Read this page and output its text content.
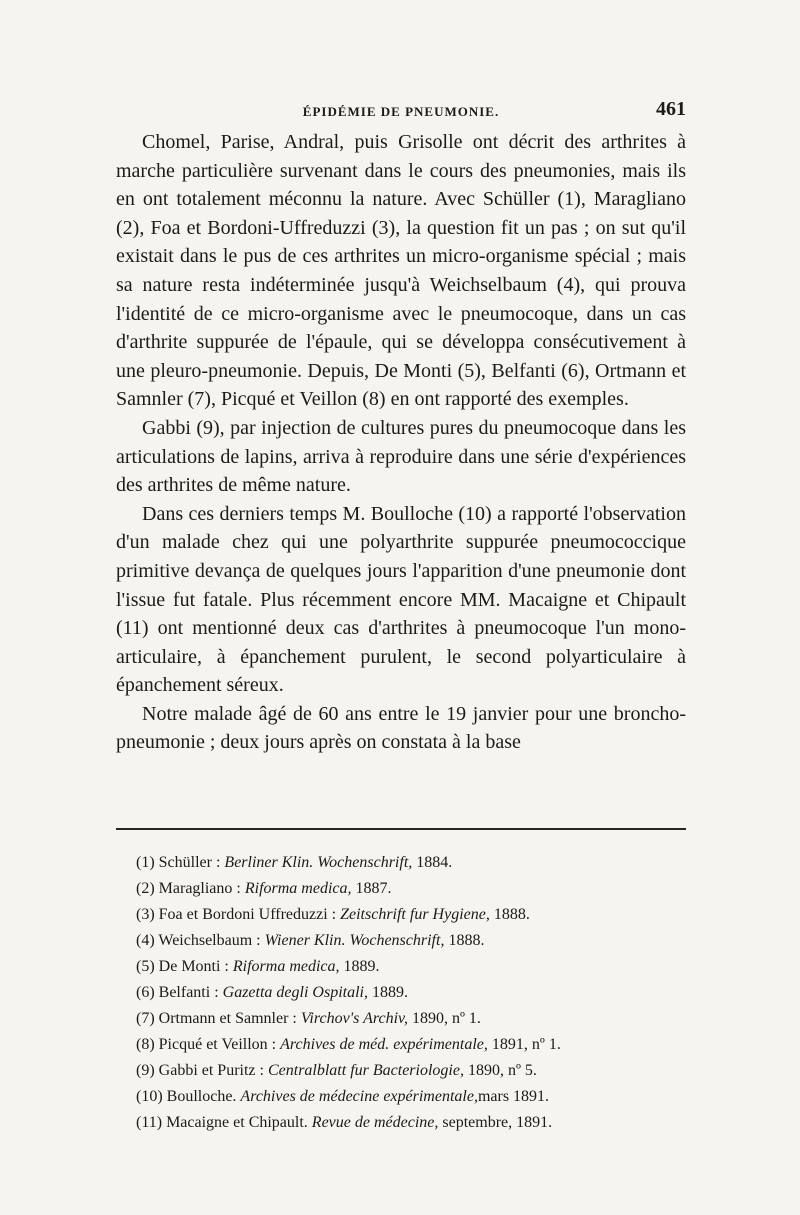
ÉPIDÉMIE DE PNEUMONIE.	461

Chomel, Parise, Andral, puis Grisolle ont décrit des arthrites à marche particulière survenant dans le cours des pneumonies, mais ils en ont totalement méconnu la nature. Avec Schüller (1), Maragliano (2), Foa et Bordoni-Uffreduzzi (3), la question fit un pas ; on sut qu'il existait dans le pus de ces arthrites un micro-organisme spécial ; mais sa nature resta indéterminée jusqu'à Weichselbaum (4), qui prouva l'identité de ce micro-organisme avec le pneumocoque, dans un cas d'arthrite suppurée de l'épaule, qui se développa consécutivement à une pleuro-pneumonie. Depuis, De Monti (5), Belfanti (6), Ortmann et Samnler (7), Picqué et Veillon (8) en ont rapporté des exemples.

Gabbi (9), par injection de cultures pures du pneumocoque dans les articulations de lapins, arriva à reproduire dans une série d'expériences des arthrites de même nature.

Dans ces derniers temps M. Boulloche (10) a rapporté l'observation d'un malade chez qui une polyarthrite suppurée pneumococcique primitive devança de quelques jours l'apparition d'une pneumonie dont l'issue fut fatale. Plus récemment encore MM. Macaigne et Chipault (11) ont mentionné deux cas d'arthrites à pneumocoque l'un mono-articulaire, à épanchement purulent, le second polyarticulaire à épanchement séreux.

Notre malade âgé de 60 ans entre le 19 janvier pour une broncho-pneumonie ; deux jours après on constata à la base

(1) Schüller : Berliner Klin. Wochenschrift, 1884.
(2) Maragliano : Riforma medica, 1887.
(3) Foa et Bordoni Uffreduzzi : Zeitschrift fur Hygiene, 1888.
(4) Weichselbaum : Wiener Klin. Wochenschrift, 1888.
(5) De Monti : Riforma medica, 1889.
(6) Belfanti : Gazetta degli Ospitali, 1889.
(7) Ortmann et Samnler : Virchov's Archiv, 1890, nº 1.
(8) Picqué et Veillon : Archives de méd. expérimentale, 1891, nº 1.
(9) Gabbi et Puritz : Centralblatt fur Bacteriologie, 1890, nº 5.
(10) Boulloche. Archives de médecine expérimentale,mars 1891.
(11) Macaigne et Chipault. Revue de médecine, septembre, 1891.
